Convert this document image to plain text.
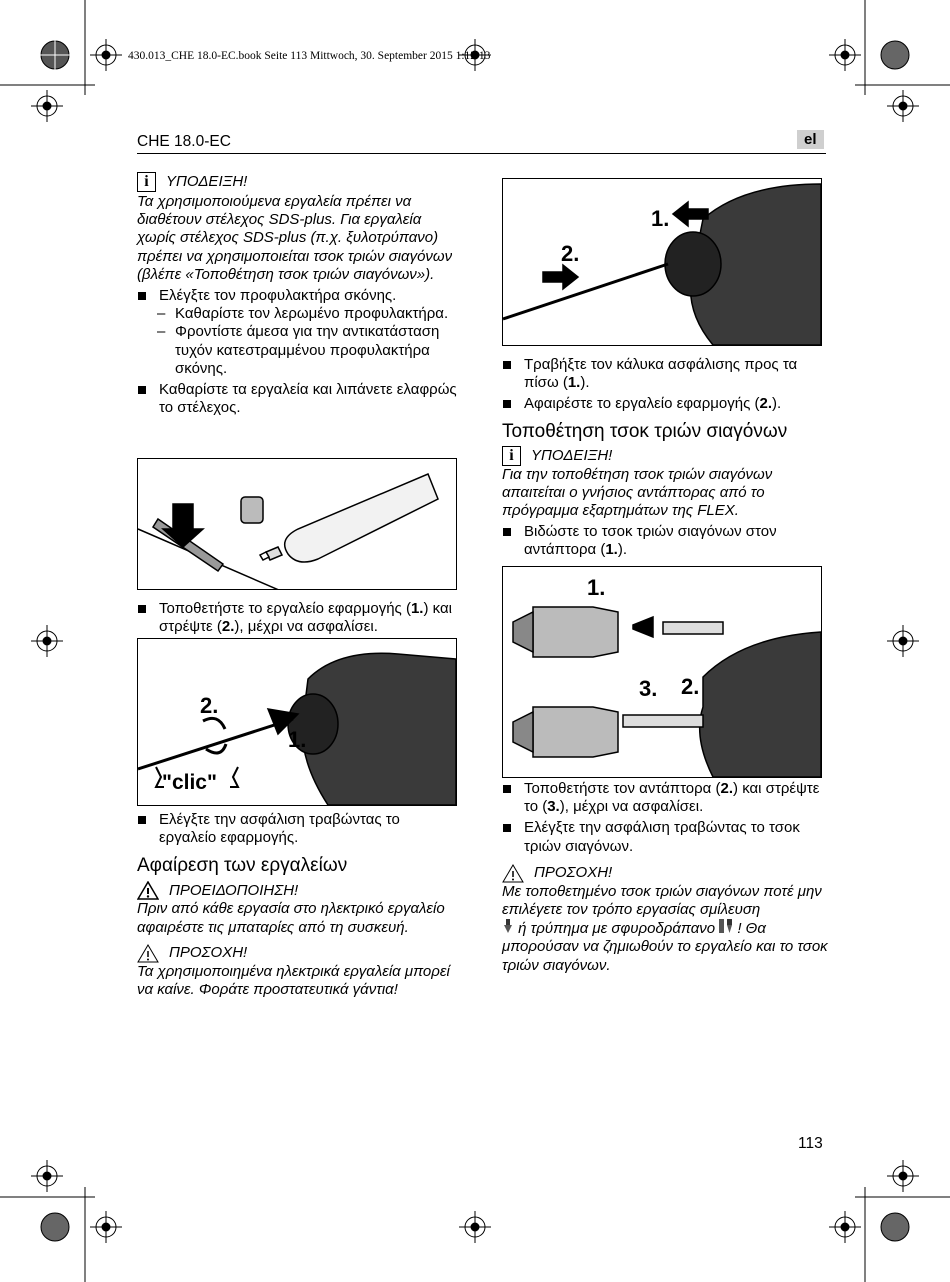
430.013_CHE 18.0-EC.book Seite 113 Mittwoch, 30. September 2015 1:12 13
CHE 18.0-EC	el
i	ΥΠΟΔΕΙΞΗ!
Τα χρησιμοποιούμενα εργαλεία πρέπει να διαθέτουν στέλεχος SDS-plus. Για εργαλεία χωρίς στέλεχος SDS-plus (π.χ. ξυλοτρύπανο) πρέπει να χρησιμοποιείται τσοκ τριών σιαγόνων (βλέπε «Τοποθέτηση τσοκ τριών σιαγόνων»).
Ελέγξτε τον προφυλακτήρα σκόνης.
– Καθαρίστε τον λερωμένο προφυλακτήρα.
– Φροντίστε άμεσα για την αντικατάσταση τυχόν κατεστραμμένου προφυλακτήρα σκόνης.
Καθαρίστε τα εργαλεία και λιπάνετε ελαφρώς το στέλεχος.
Τοποθετήστε το εργαλείο εφαρμογής (1.) και στρέψτε (2.), μέχρι να ασφαλίσει.
2.
1.
"clic"
Ελέγξτε την ασφάλιση τραβώντας το εργαλείο εφαρμογής.
Αφαίρεση των εργαλείων
ΠΡΟΕΙΔΟΠΟΙΗΣΗ!
Πριν από κάθε εργασία στο ηλεκτρικό εργαλείο αφαιρέστε τις μπαταρίες από τη συσκευή.
ΠΡΟΣΟΧΗ!
Τα χρησιμοποιημένα ηλεκτρικά εργαλεία μπορεί να καίνε. Φοράτε προστατευτικά γάντια!
1.
2.
Τραβήξτε τον κάλυκα ασφάλισης προς τα πίσω (1.).
Αφαιρέστε το εργαλείο εφαρμογής (2.).
Τοποθέτηση τσοκ τριών σιαγόνων
i	ΥΠΟΔΕΙΞΗ!
Για την τοποθέτηση τσοκ τριών σιαγόνων απαιτείται ο γνήσιος αντάπτορας από το πρόγραμμα εξαρτημάτων της FLEX.
Βιδώστε το τσοκ τριών σιαγόνων στον αντάπτορα (1.).
1.
2.
3.
Τοποθετήστε τον αντάπτορα (2.) και στρέψτε το (3.), μέχρι να ασφαλίσει.
Ελέγξτε την ασφάλιση τραβώντας το τσοκ τριών σιαγόνων.
ΠΡΟΣΟΧΗ!
Με τοποθετημένο τσοκ τριών σιαγόνων ποτέ μην επιλέγετε τον τρόπο εργασίας σμίλευση
ή τρύπημα με σφυροδράπανο ! Θα μπορούσαν να ζημιωθούν το εργαλείο και το τσοκ τριών σιαγόνων.
113
